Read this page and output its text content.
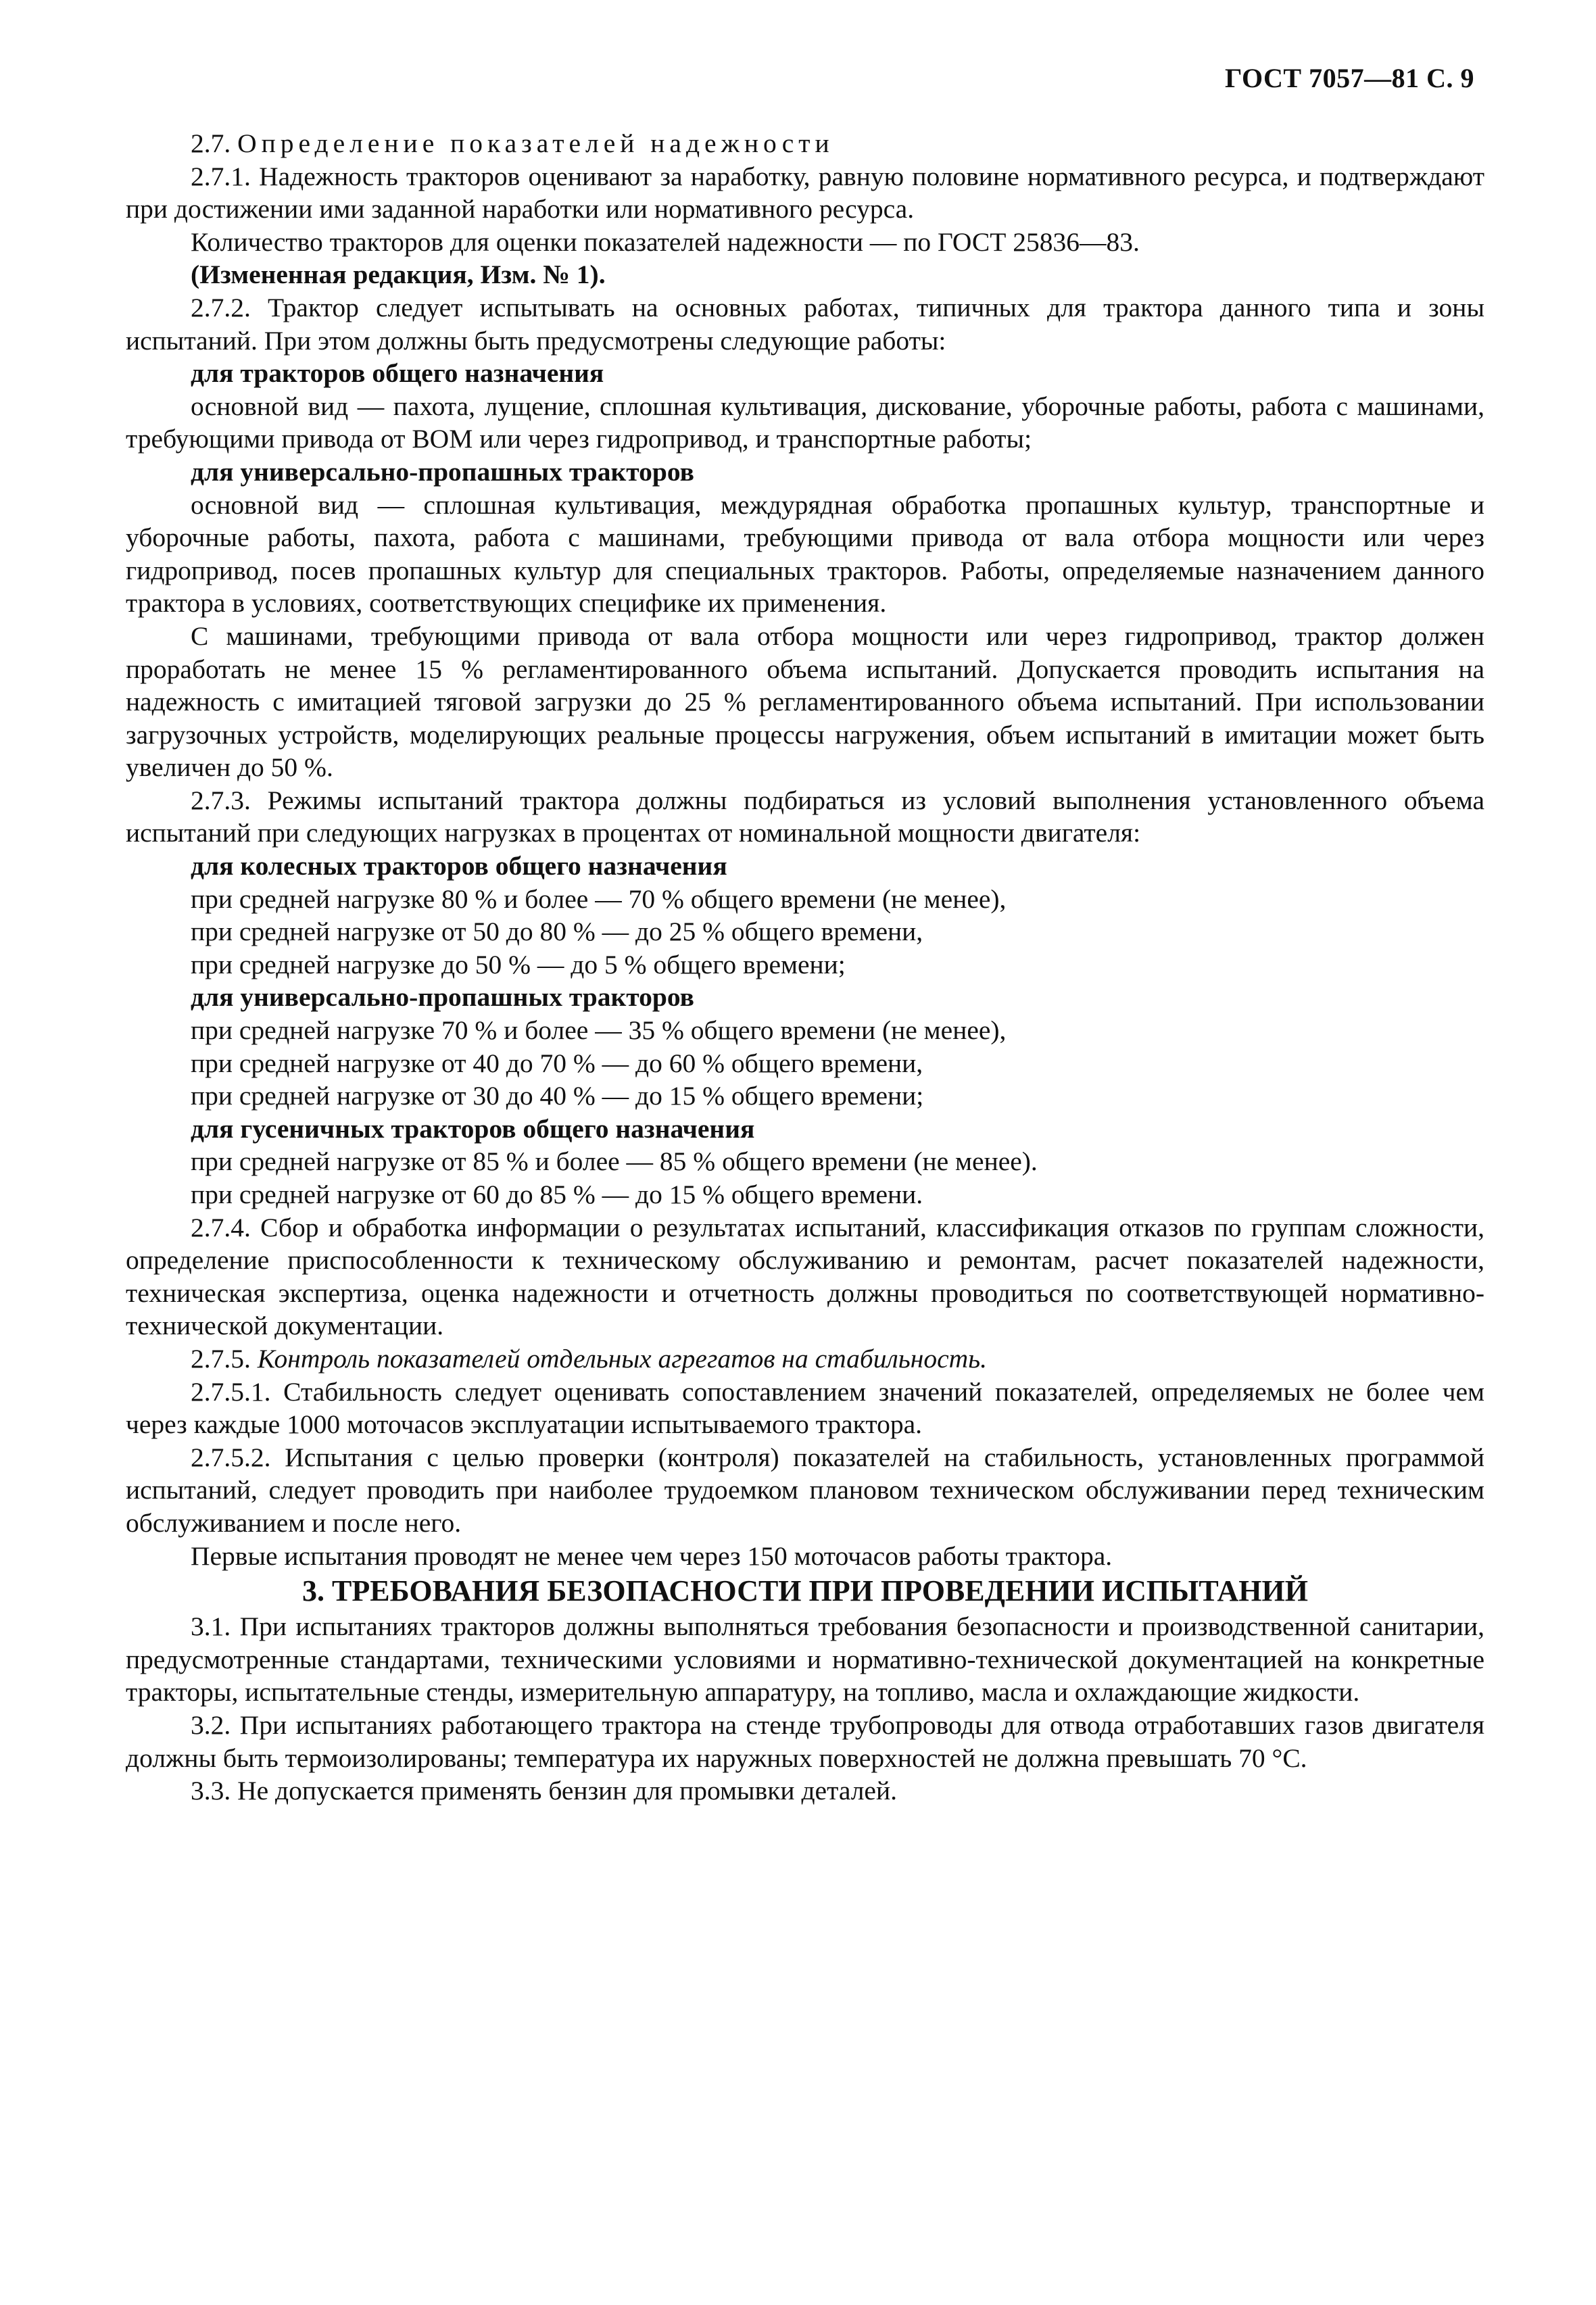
ГОСТ 7057—81 С. 9

2.7. Определение показателей надежности

2.7.1. Надежность тракторов оценивают за наработку, равную половине нормативного ресурса, и подтверждают при достижении ими заданной наработки или нормативного ресурса.

Количество тракторов для оценки показателей надежности — по ГОСТ 25836—83.

(Измененная редакция, Изм. № 1).

2.7.2. Трактор следует испытывать на основных работах, типичных для трактора данного типа и зоны испытаний. При этом должны быть предусмотрены следующие работы:

для тракторов общего назначения

основной вид — пахота, лущение, сплошная культивация, дискование, уборочные работы, работа с машинами, требующими привода от ВОМ или через гидропривод, и транспортные работы;

для универсально-пропашных тракторов

основной вид — сплошная культивация, междурядная обработка пропашных культур, транспортные и уборочные работы, пахота, работа с машинами, требующими привода от вала отбора мощности или через гидропривод, посев пропашных культур для специальных тракторов. Работы, определяемые назначением данного трактора в условиях, соответствующих специфике их применения.

С машинами, требующими привода от вала отбора мощности или через гидропривод, трактор должен проработать не менее 15 % регламентированного объема испытаний. Допускается проводить испытания на надежность с имитацией тяговой загрузки до 25 % регламентированного объема испытаний. При использовании загрузочных устройств, моделирующих реальные процессы нагружения, объем испытаний в имитации может быть увеличен до 50 %.

2.7.3. Режимы испытаний трактора должны подбираться из условий выполнения установленного объема испытаний при следующих нагрузках в процентах от номинальной мощности двигателя:

для колесных тракторов общего назначения

при средней нагрузке 80 % и более — 70 % общего времени (не менее),

при средней нагрузке от 50 до 80 % — до 25 % общего времени,

при средней нагрузке до 50 % — до 5 % общего времени;

для универсально-пропашных тракторов

при средней нагрузке 70 % и более — 35 % общего времени (не менее),

при средней нагрузке от 40 до 70 % — до 60 % общего времени,

при средней нагрузке от 30 до 40 % — до 15 % общего времени;

для гусеничных тракторов общего назначения

при средней нагрузке от 85 % и более — 85 % общего времени (не менее).

при средней нагрузке от 60 до 85 % — до 15 % общего времени.

2.7.4. Сбор и обработка информации о результатах испытаний, классификация отказов по группам сложности, определение приспособленности к техническому обслуживанию и ремонтам, расчет показателей надежности, техническая экспертиза, оценка надежности и отчетность должны проводиться по соответствующей нормативно-технической документации.

2.7.5. Контроль показателей отдельных агрегатов на стабильность.

2.7.5.1. Стабильность следует оценивать сопоставлением значений показателей, определяемых не более чем через каждые 1000 моточасов эксплуатации испытываемого трактора.

2.7.5.2. Испытания с целью проверки (контроля) показателей на стабильность, установленных программой испытаний, следует проводить при наиболее трудоемком плановом техническом обслуживании перед техническим обслуживанием и после него.

Первые испытания проводят не менее чем через 150 моточасов работы трактора.

3. ТРЕБОВАНИЯ БЕЗОПАСНОСТИ ПРИ ПРОВЕДЕНИИ ИСПЫТАНИЙ

3.1. При испытаниях тракторов должны выполняться требования безопасности и производственной санитарии, предусмотренные стандартами, техническими условиями и нормативно-технической документацией на конкретные тракторы, испытательные стенды, измерительную аппаратуру, на топливо, масла и охлаждающие жидкости.

3.2. При испытаниях работающего трактора на стенде трубопроводы для отвода отработавших газов двигателя должны быть термоизолированы; температура их наружных поверхностей не должна превышать 70 °С.

3.3. Не допускается применять бензин для промывки деталей.
